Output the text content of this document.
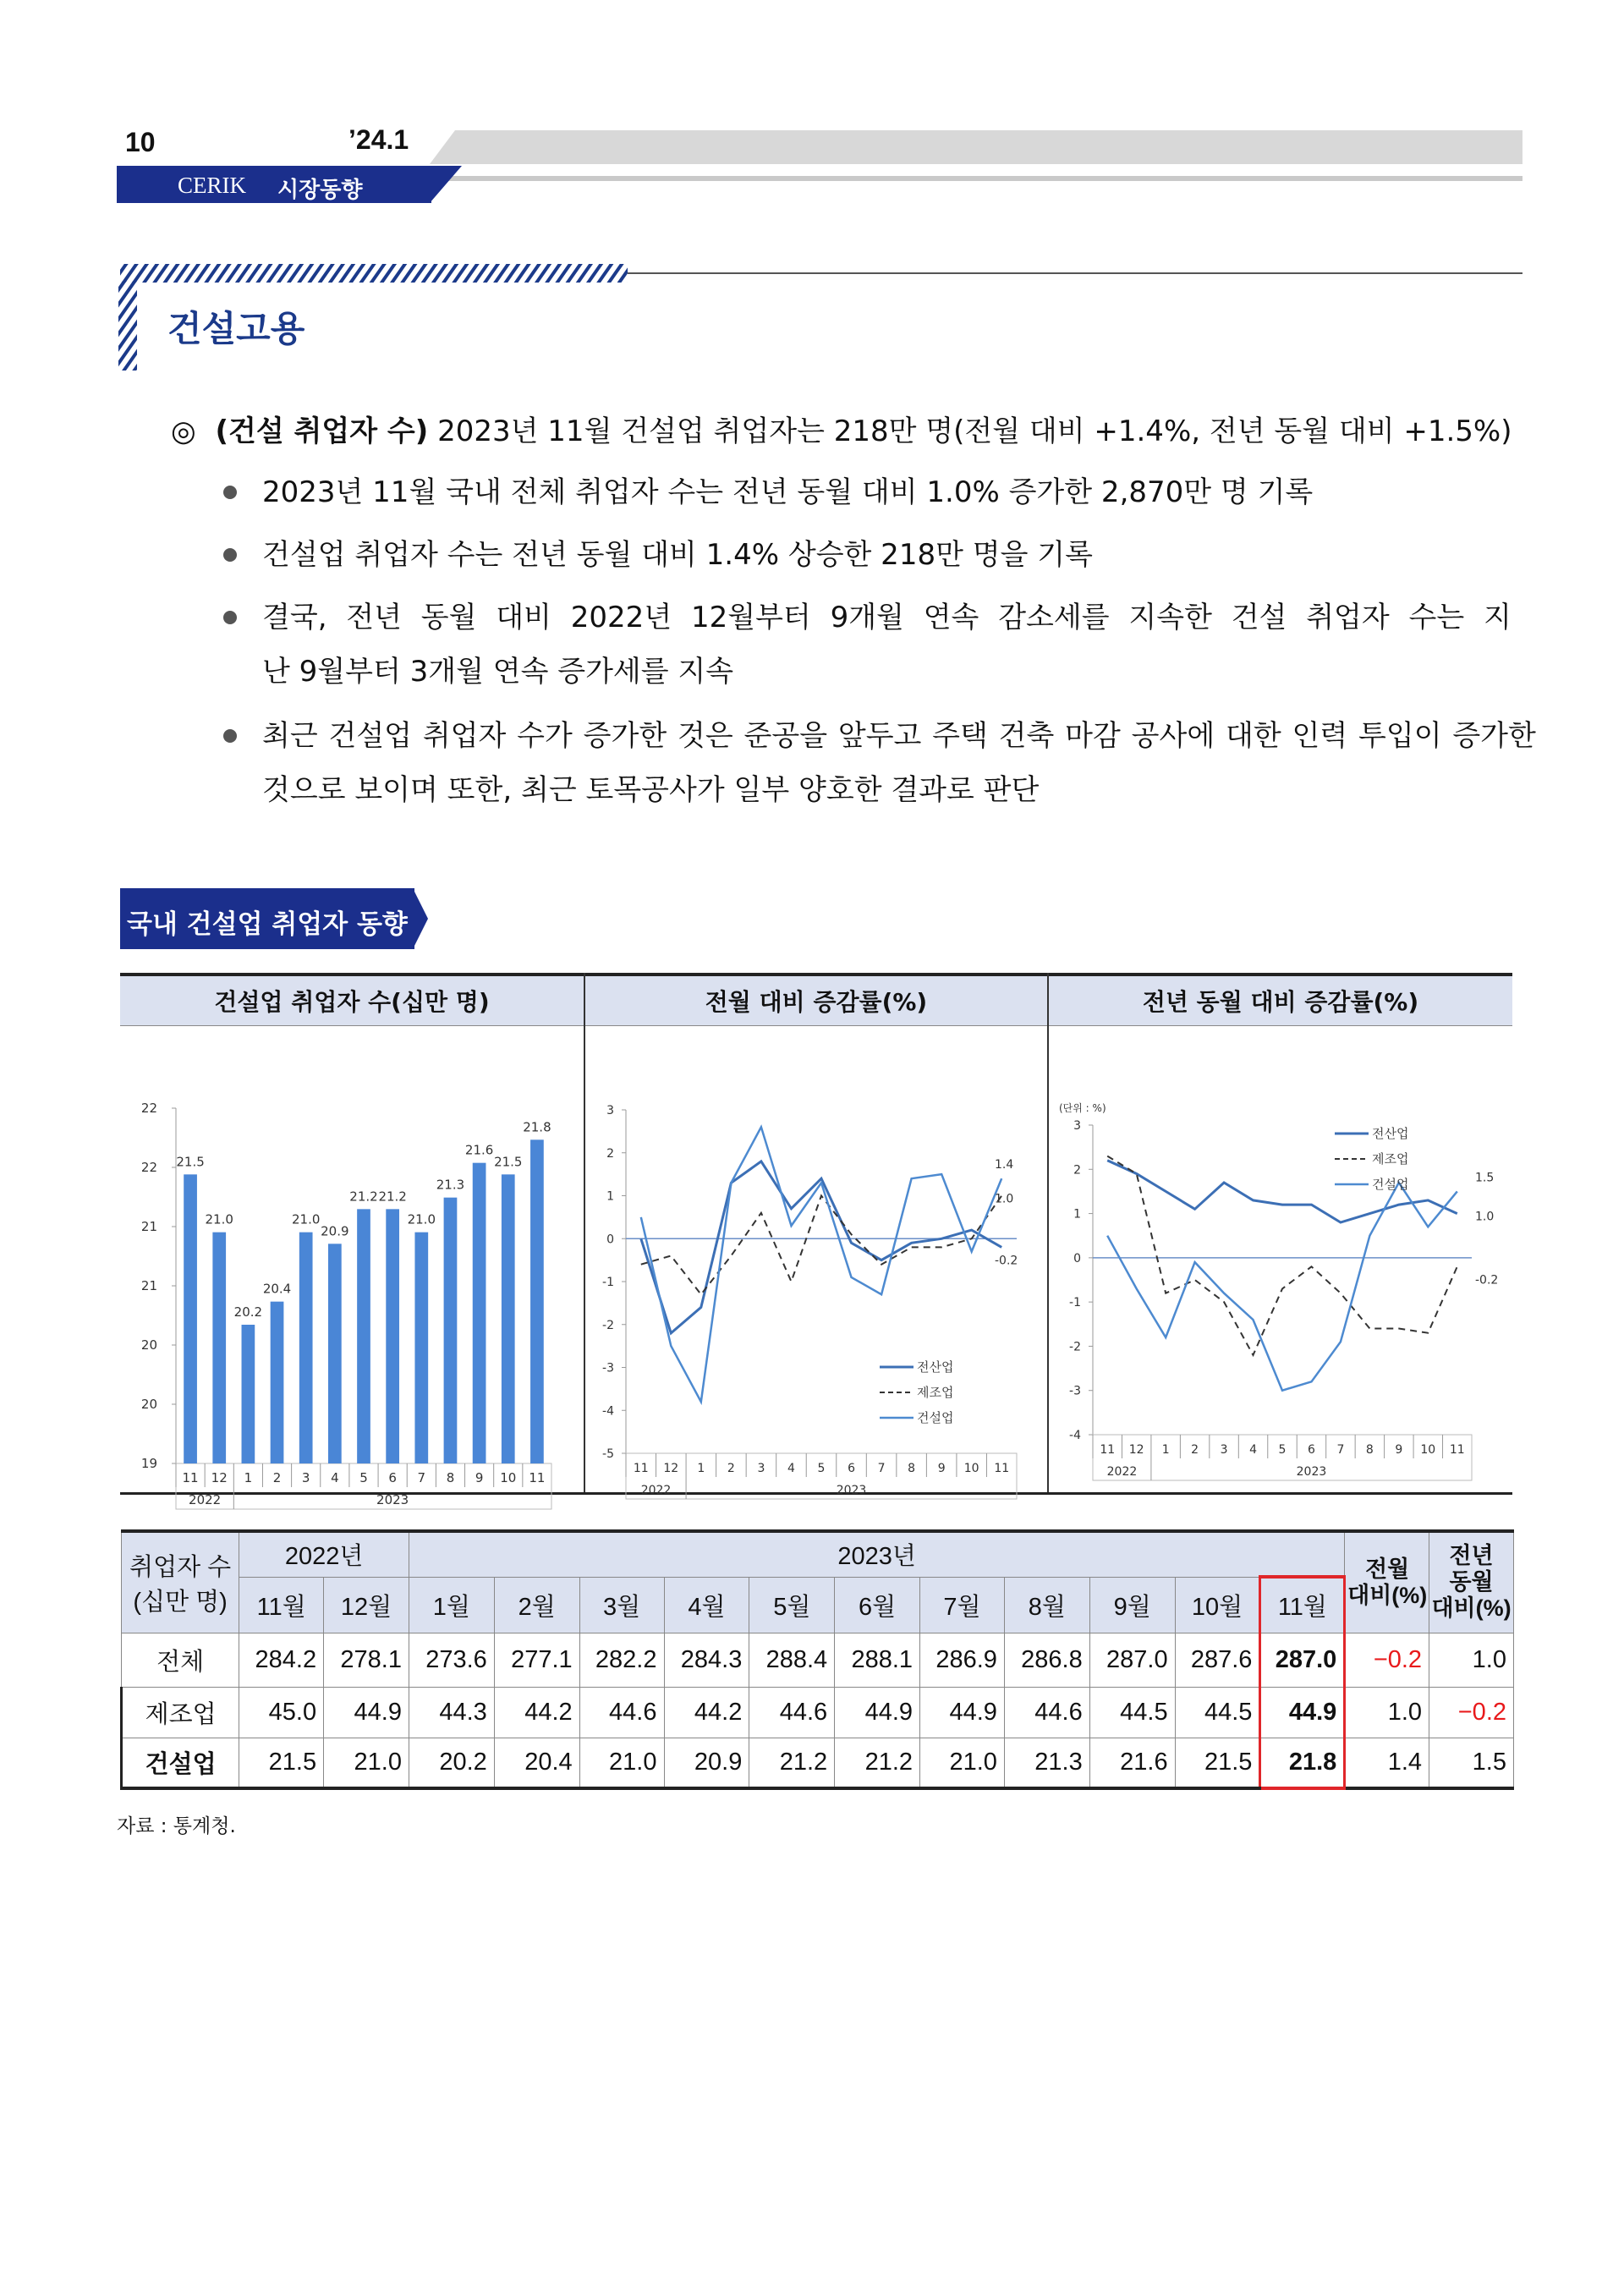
10	’24.1
CERIK 시장동향
건설고용
◎ (건설 취업자 수) 2023년 11월 건설업 취업자는 218만 명(전월 대비 +1.4%, 전년 동월 대비 +1.5%)
2023년 11월 국내 전체 취업자 수는 전년 동월 대비 1.0% 증가한 2,870만 명 기록
건설업 취업자 수는 전년 동월 대비 1.4% 상승한 218만 명을 기록
결국, 전년 동월 대비 2022년 12월부터 9개월 연속 감소세를 지속한 건설 취업자 수는 지
난 9월부터 3개월 연속 증가세를 지속
최근 건설업 취업자 수가 증가한 것은 준공을 앞두고 주택 건축 마감 공사에 대한 인력 투입이 증가한
것으로 보이며 또한, 최근 토목공사가 일부 양호한 결과로 판단
국내 건설업 취업자 동향
건설업 취업자 수(십만 명)	전월 대비 증감률(%)	전년 동월 대비 증감률(%)
22
22
21
21
20
20
19
11 12 1 2 3 4 5 6 7 8 9 10 11
2022	2023
21.5
21.0
20.2
20.4
21.0
20.9
21.2 21.2
21.0
21.3
21.6
21.5
21.8
3
2
1
0
-1
-2
-3
-4
-5
11 12 1 2 3 4 5 6 7 8 9 10 11
2022	2023
전산업
제조업
건설업
1.4
1.0
-0.2
(단위 : %)
3
2
1
0
-1
-2
-3
-4
11 12 1 2 3 4 5 6 7 8 9 10 11
2022	2023
전산업
제조업
건설업	1.5
1.0
-0.2
취업자 수
(십만 명)	2022년		2023년											전월
대비(%)	전년
동월
대비(%)
	11월	12월	1월	2월	3월	4월	5월	6월	7월	8월	9월	10월	11월		
전체	284.2	278.1	273.6	277.1	282.2	284.3	288.4	288.1	286.9	286.8	287.0	287.6	287.0	−0.2	1.0
제조업	45.0	44.9	44.3	44.2	44.6	44.2	44.6	44.9	44.9	44.6	44.5	44.5	44.9	1.0	−0.2
건설업	21.5	21.0	20.2	20.4	21.0	20.9	21.2	21.2	21.0	21.3	21.6	21.5	21.8	1.4	1.5
자료 : 통계청.
